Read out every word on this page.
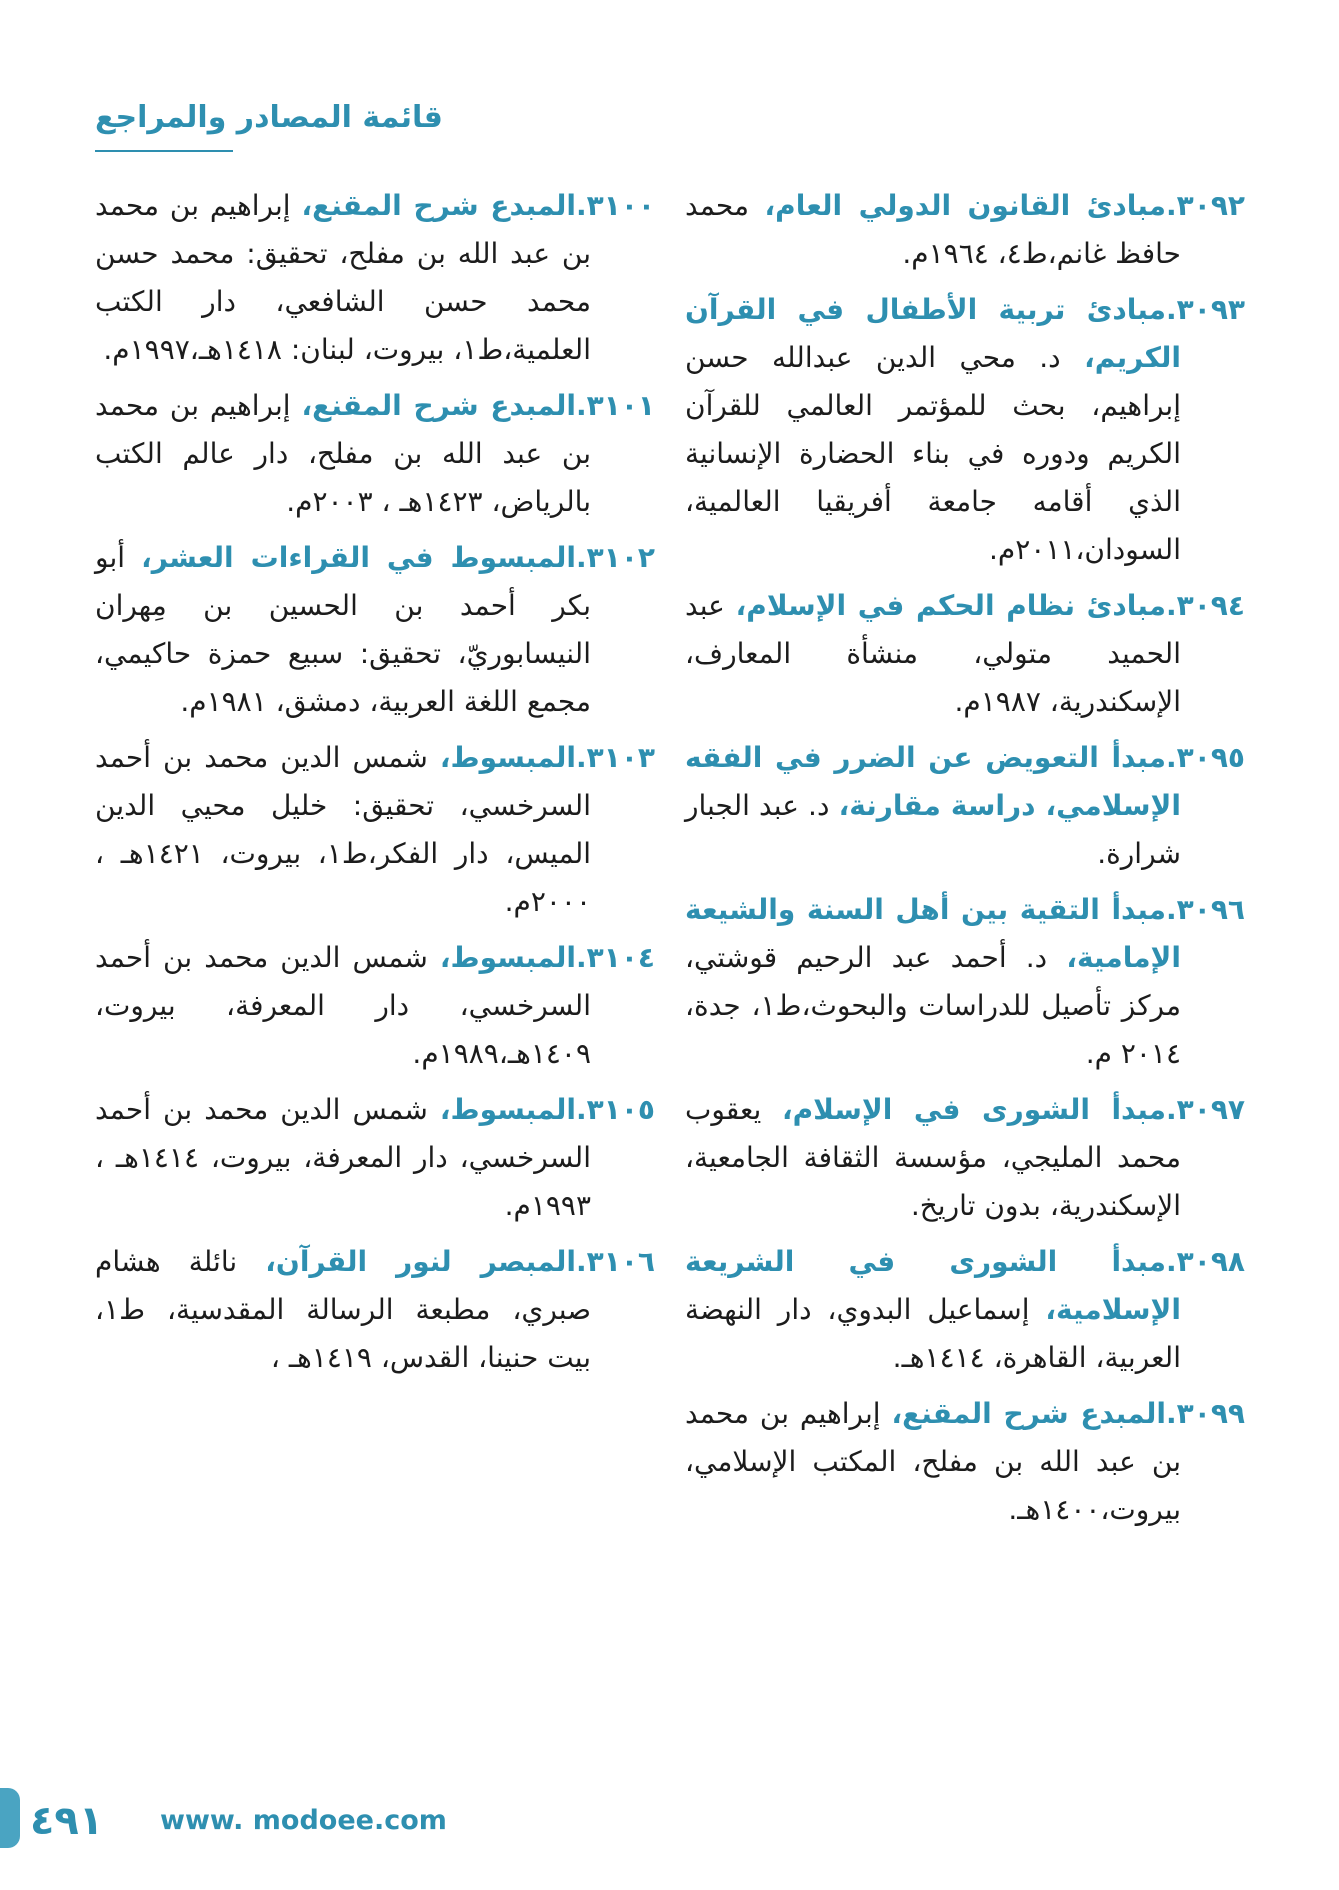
قائمة المصادر والمراجع

٣٠٩٢.مبادئ القانون الدولي العام، محمد حافظ غانم،ط٤، ١٩٦٤م.

٣٠٩٣.مبادئ تربية الأطفال في القرآن الكريم، د. محي الدين عبدالله حسن إبراهيم، بحث للمؤتمر العالمي للقرآن الكريم ودوره في بناء الحضارة الإنسانية الذي أقامه جامعة أفريقيا العالمية، السودان،٢٠١١م.

٣٠٩٤.مبادئ نظام الحكم في الإسلام، عبد الحميد متولي، منشأة المعارف، الإسكندرية، ١٩٨٧م.

٣٠٩٥.مبدأ التعويض عن الضرر في الفقه الإسلامي، دراسة مقارنة، د. عبد الجبار شرارة.

٣٠٩٦.مبدأ التقية بين أهل السنة والشيعة الإمامية، د. أحمد عبد الرحيم قوشتي، مركز تأصيل للدراسات والبحوث،ط١، جدة، ٢٠١٤ م.

٣٠٩٧.مبدأ الشورى في الإسلام، يعقوب محمد المليجي، مؤسسة الثقافة الجامعية، الإسكندرية، بدون تاريخ.

٣٠٩٨.مبدأ الشورى في الشريعة الإسلامية، إسماعيل البدوي، دار النهضة العربية، القاهرة، ١٤١٤هـ.

٣٠٩٩.المبدع شرح المقنع، إبراهيم بن محمد بن عبد الله بن مفلح، المكتب الإسلامي، بيروت،١٤٠٠هـ.

٣١٠٠.المبدع شرح المقنع، إبراهيم بن محمد بن عبد الله بن مفلح، تحقيق: محمد حسن محمد حسن الشافعي، دار الكتب العلمية،ط١، بيروت، لبنان: ١٤١٨هـ،١٩٩٧م.

٣١٠١.المبدع شرح المقنع، إبراهيم بن محمد بن عبد الله بن مفلح، دار عالم الكتب بالرياض، ١٤٢٣هـ ، ٢٠٠٣م.

٣١٠٢.المبسوط في القراءات العشر، أبو بكر أحمد بن الحسين بن مِهران النيسابوريّ، تحقيق: سبيع حمزة حاكيمي، مجمع اللغة العربية، دمشق، ١٩٨١م.

٣١٠٣.المبسوط، شمس الدين محمد بن أحمد السرخسي، تحقيق: خليل محيي الدين الميس، دار الفكر،ط١، بيروت، ١٤٢١هـ ، ٢٠٠٠م.

٣١٠٤.المبسوط، شمس الدين محمد بن أحمد السرخسي، دار المعرفة، بيروت، ١٤٠٩هـ،١٩٨٩م.

٣١٠٥.المبسوط، شمس الدين محمد بن أحمد السرخسي، دار المعرفة، بيروت، ١٤١٤هـ ، ١٩٩٣م.

٣١٠٦.المبصر لنور القرآن، نائلة هشام صبري، مطبعة الرسالة المقدسية، ط١، بيت حنينا، القدس، ١٤١٩هـ ،

٤٩١ www. modoee.com
